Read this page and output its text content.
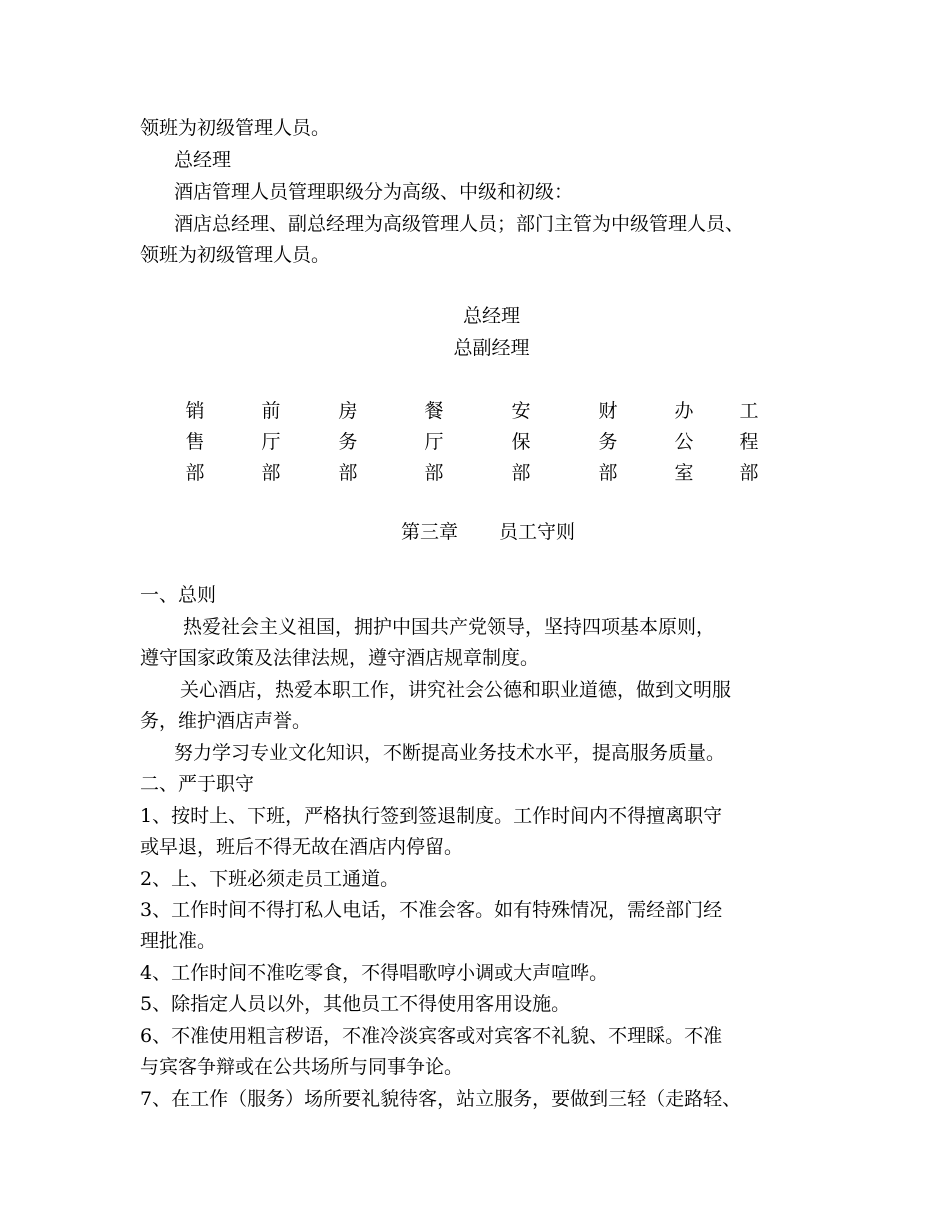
领班为初级管理人员。
总经理
酒店管理人员管理职级分为高级、中级和初级：
酒店总经理、副总经理为高级管理人员；部门主管为中级管理人员、
领班为初级管理人员。
总经理
总副经理
销
售
部
前
厅
部
房
务
部
餐
厅
部
安
保
部
财
务
部
办
公
室
工
程
部
第三章 员工守则
一、总则
热爱社会主义祖国，拥护中国共产党领导，坚持四项基本原则，
遵守国家政策及法律法规，遵守酒店规章制度。
关心酒店，热爱本职工作，讲究社会公德和职业道德，做到文明服
务，维护酒店声誉。
努力学习专业文化知识，不断提高业务技术水平，提高服务质量。
二、严于职守
1、按时上、下班，严格执行签到签退制度。工作时间内不得擅离职守
或早退，班后不得无故在酒店内停留。
2、上、下班必须走员工通道。
3、工作时间不得打私人电话，不准会客。如有特殊情况，需经部门经
理批准。
4、工作时间不准吃零食，不得唱歌哼小调或大声喧哗。
5、除指定人员以外，其他员工不得使用客用设施。
6、不准使用粗言秽语，不准冷淡宾客或对宾客不礼貌、不理睬。不准
与宾客争辩或在公共场所与同事争论。
7、在工作（服务）场所要礼貌待客，站立服务，要做到三轻（走路轻、
